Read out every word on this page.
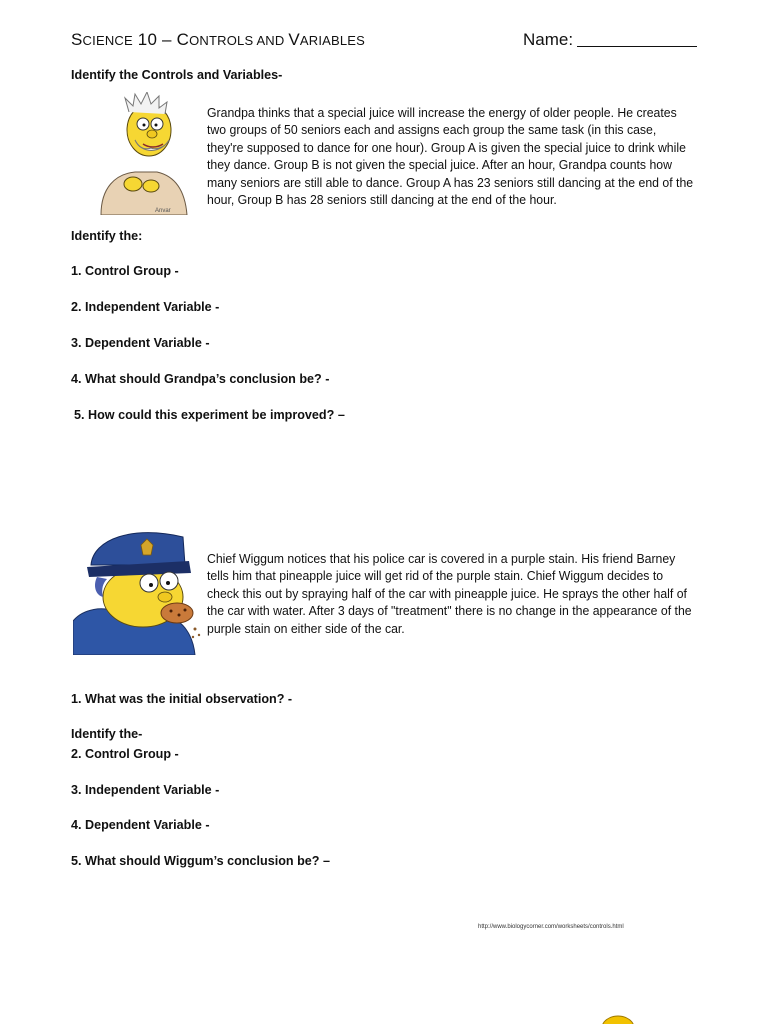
SCIENCE 10 – CONTROLS AND VARIABLES	Name:
Identify the Controls and Variables-
Anvar
Grandpa thinks that a special juice will increase the energy of older people. He creates two groups of 50 seniors each and assigns each group the same task (in this case, they're supposed to dance for one hour). Group A is given the special juice to drink while they dance. Group B is not given the special juice. After an hour, Grandpa counts how many seniors are still able to dance. Group A has 23 seniors still dancing at the end of the hour, Group B has 28 seniors still dancing at the end of the hour.
Identify the:
1. Control Group -
2. Independent Variable -
3. Dependent Variable -
4. What should Grandpa’s conclusion be? -
5. How could this experiment be improved? –
Chief Wiggum notices that his police car is covered in a purple stain. His friend Barney tells him that pineapple juice will get rid of the purple stain. Chief Wiggum decides to check this out by spraying half of the car with pineapple juice. He sprays the other half of the car with water. After 3 days of "treatment" there is no change in the appearance of the purple stain on either side of the car.
1. What was the initial observation? -
Identify the-
2. Control Group -
3. Independent Variable -
4. Dependent Variable -
5. What should Wiggum’s conclusion be? –
http://www.biologycorner.com/worksheets/controls.html
